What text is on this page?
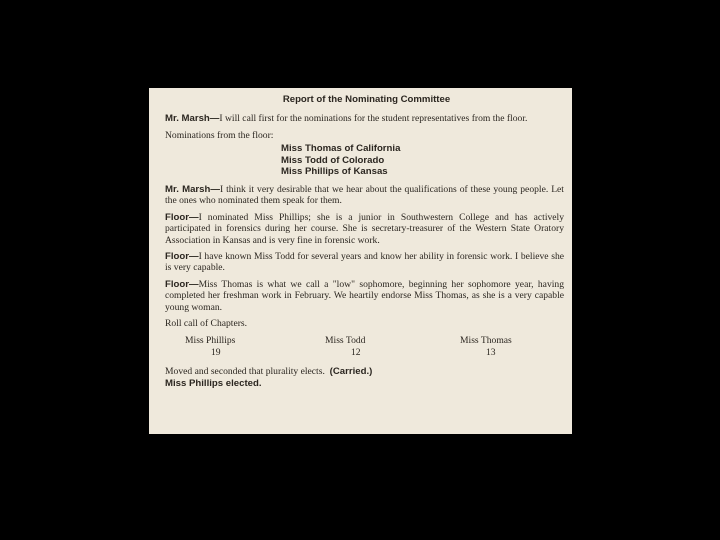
Report of the Nominating Committee
Mr. Marsh—I will call first for the nominations for the student representatives from the floor.
Nominations from the floor:
Miss Thomas of California
Miss Todd of Colorado
Miss Phillips of Kansas
Mr. Marsh—I think it very desirable that we hear about the qualifications of these young people. Let the ones who nominated them speak for them.
Floor—I nominated Miss Phillips; she is a junior in Southwestern College and has actively participated in forensics during her course. She is secretary-treasurer of the Western State Oratory Association in Kansas and is very fine in forensic work.
Floor—I have known Miss Todd for several years and know her ability in forensic work. I believe she is very capable.
Floor—Miss Thomas is what we call a "low" sophomore, beginning her sophomore year, having completed her freshman work in February. We heartily endorse Miss Thomas, as she is a very capable young woman.
Roll call of Chapters.
Miss Phillips
19
Miss Todd
12
Miss Thomas
13
Moved and seconded that plurality elects. (Carried.)
Miss Phillips elected.
